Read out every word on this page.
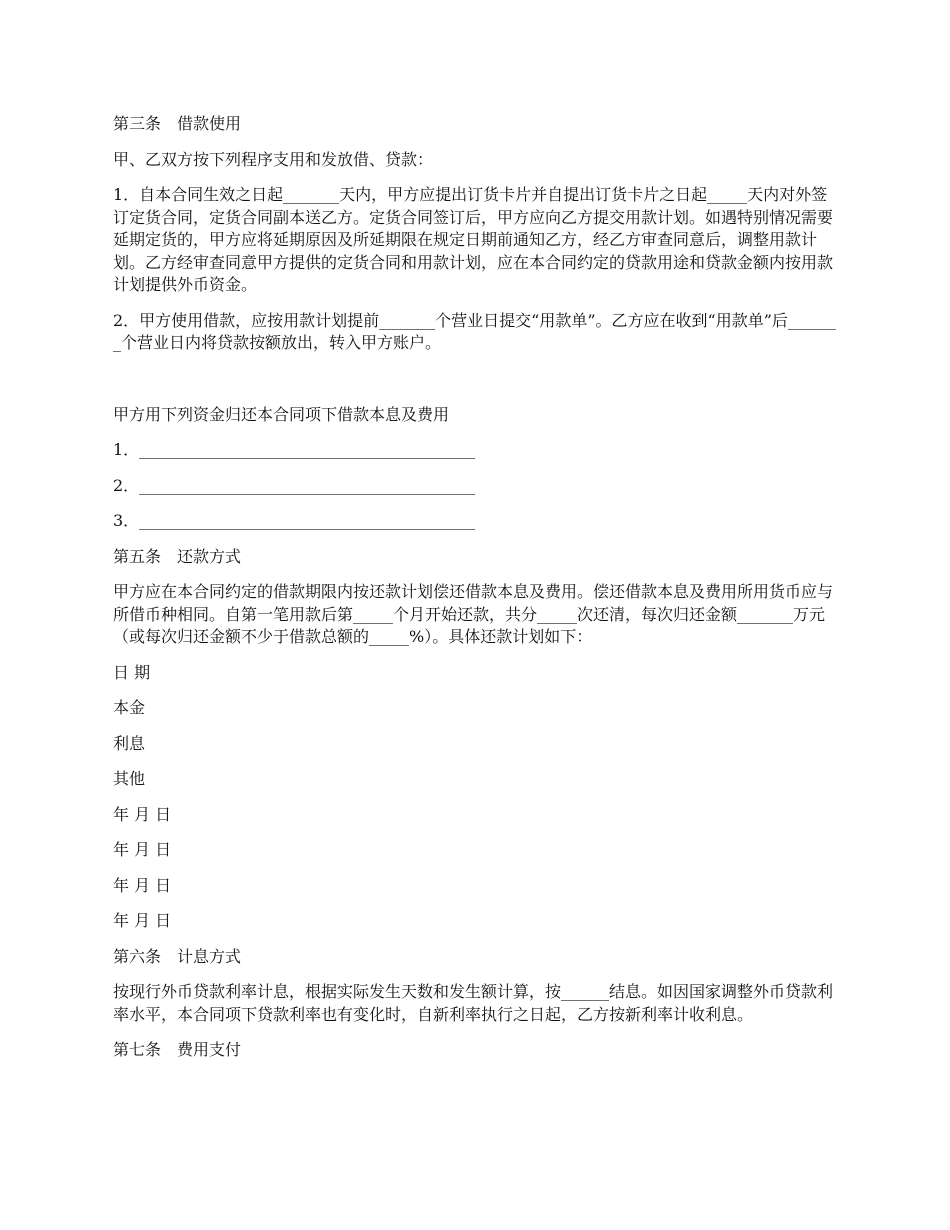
第三条　借款使用

甲、乙双方按下列程序支用和发放借、贷款：

1．自本合同生效之日起_______天内，甲方应提出订货卡片并自提出订货卡片之日起_____天内对外签订定货合同，定货合同副本送乙方。定货合同签订后，甲方应向乙方提交用款计划。如遇特别情况需要延期定货的，甲方应将延期原因及所延期限在规定日期前通知乙方，经乙方审查同意后，调整用款计划。乙方经审查同意甲方提供的定货合同和用款计划，应在本合同约定的贷款用途和贷款金额内按用款计划提供外币资金。

2．甲方使用借款，应按用款计划提前_______个营业日提交“用款单”。乙方应在收到“用款单”后_______个营业日内将贷款按额放出，转入甲方账户。

甲方用下列资金归还本合同项下借款本息及费用

1．__________________________________________

2．__________________________________________

3．__________________________________________

第五条　还款方式

甲方应在本合同约定的借款期限内按还款计划偿还借款本息及费用。偿还借款本息及费用所用货币应与所借币种相同。自第一笔用款后第_____个月开始还款，共分_____次还清，每次归还金额_______万元（或每次归还金额不少于借款总额的_____%）。具体还款计划如下：

日 期

本金

利息

其他

年 月 日

年 月 日

年 月 日

年 月 日

第六条　计息方式

按现行外币贷款利率计息，根据实际发生天数和发生额计算，按______结息。如因国家调整外币贷款利率水平，本合同项下贷款利率也有变化时，自新利率执行之日起，乙方按新利率计收利息。

第七条　费用支付
